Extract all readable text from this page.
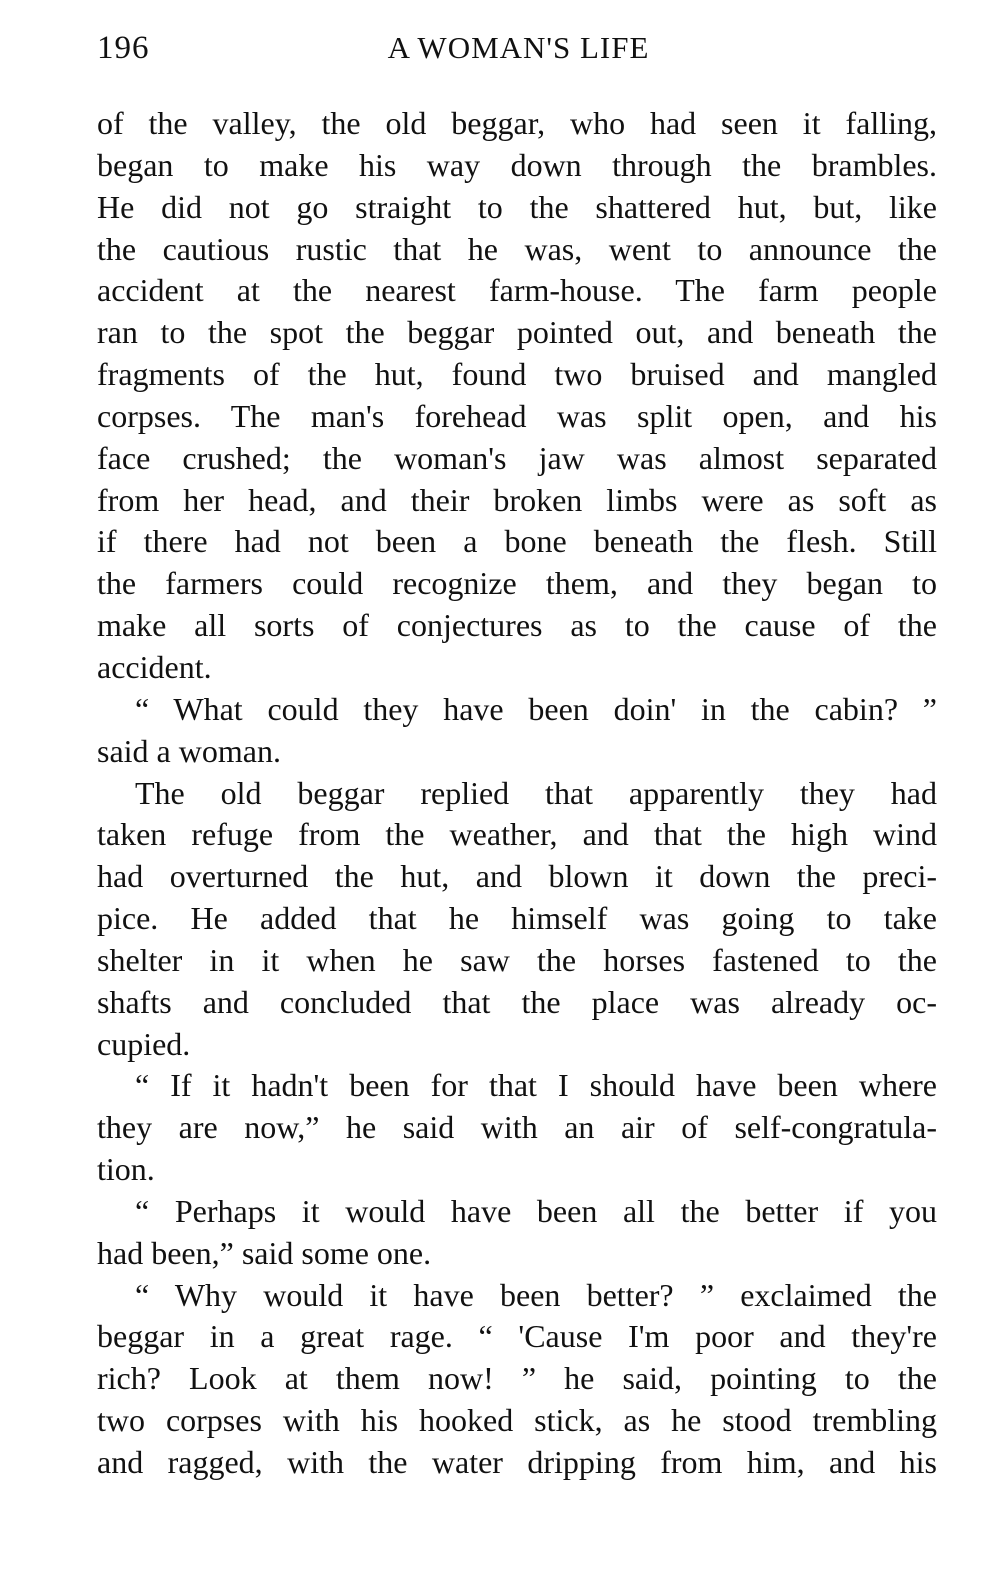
196	A WOMAN'S LIFE
of the valley, the old beggar, who had seen it falling,
began to make his way down through the brambles.
He did not go straight to the shattered hut, but, like
the cautious rustic that he was, went to announce the
accident at the nearest farm-house. The farm people
ran to the spot the beggar pointed out, and beneath the
fragments of the hut, found two bruised and mangled
corpses. The man's forehead was split open, and his
face crushed; the woman's jaw was almost separated
from her head, and their broken limbs were as soft as
if there had not been a bone beneath the flesh. Still
the farmers could recognize them, and they began to
make all sorts of conjectures as to the cause of the
accident.
“ What could they have been doin' in the cabin? ”
said a woman.
The old beggar replied that apparently they had
taken refuge from the weather, and that the high wind
had overturned the hut, and blown it down the preci-
pice. He added that he himself was going to take
shelter in it when he saw the horses fastened to the
shafts and concluded that the place was already oc-
cupied.
“ If it hadn't been for that I should have been where
they are now,” he said with an air of self-congratula-
tion.
“ Perhaps it would have been all the better if you
had been,” said some one.
“ Why would it have been better? ” exclaimed the
beggar in a great rage. “ 'Cause I'm poor and they're
rich? Look at them now! ” he said, pointing to the
two corpses with his hooked stick, as he stood trembling
and ragged, with the water dripping from him, and his
